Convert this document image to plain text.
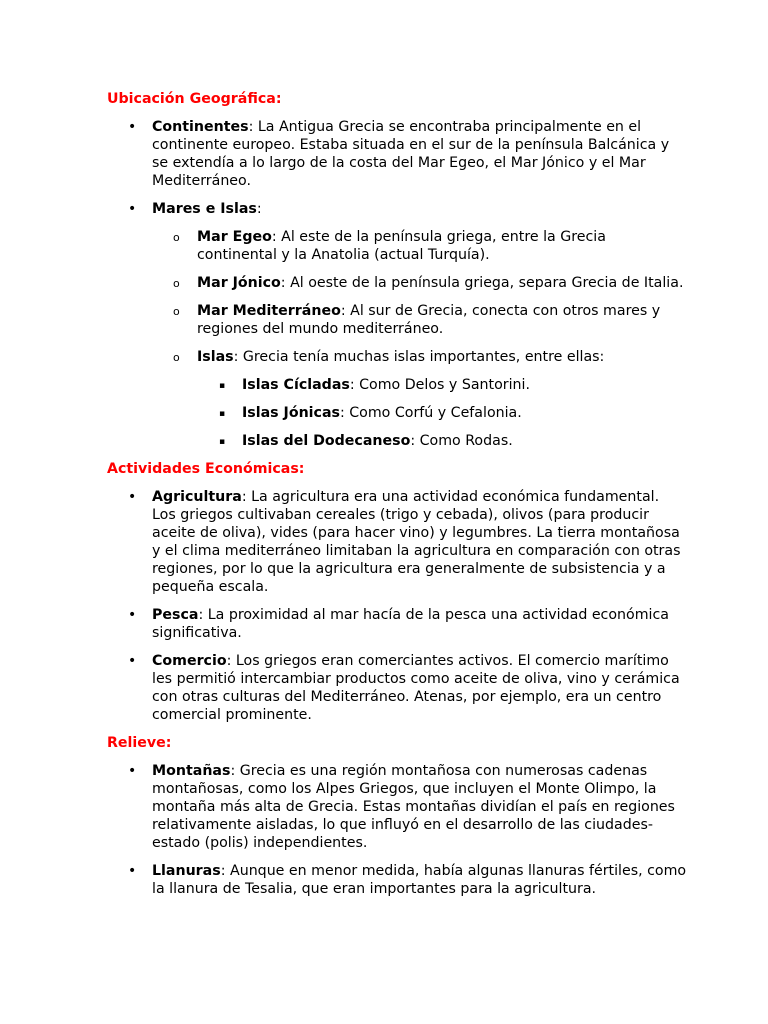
Ubicación Geográfica:
• Continentes: La Antigua Grecia se encontraba principalmente en el continente europeo. Estaba situada en el sur de la península Balcánica y se extendía a lo largo de la costa del Mar Egeo, el Mar Jónico y el Mar Mediterráneo.
• Mares e Islas:
o Mar Egeo: Al este de la península griega, entre la Grecia continental y la Anatolia (actual Turquía).
o Mar Jónico: Al oeste de la península griega, separa Grecia de Italia.
o Mar Mediterráneo: Al sur de Grecia, conecta con otros mares y regiones del mundo mediterráneo.
o Islas: Grecia tenía muchas islas importantes, entre ellas:
▪ Islas Cícladas: Como Delos y Santorini.
▪ Islas Jónicas: Como Corfú y Cefalonia.
▪ Islas del Dodecaneso: Como Rodas.
Actividades Económicas:
• Agricultura: La agricultura era una actividad económica fundamental. Los griegos cultivaban cereales (trigo y cebada), olivos (para producir aceite de oliva), vides (para hacer vino) y legumbres. La tierra montañosa y el clima mediterráneo limitaban la agricultura en comparación con otras regiones, por lo que la agricultura era generalmente de subsistencia y a pequeña escala.
• Pesca: La proximidad al mar hacía de la pesca una actividad económica significativa.
• Comercio: Los griegos eran comerciantes activos. El comercio marítimo les permitió intercambiar productos como aceite de oliva, vino y cerámica con otras culturas del Mediterráneo. Atenas, por ejemplo, era un centro comercial prominente.
Relieve:
• Montañas: Grecia es una región montañosa con numerosas cadenas montañosas, como los Alpes Griegos, que incluyen el Monte Olimpo, la montaña más alta de Grecia. Estas montañas dividían el país en regiones relativamente aisladas, lo que influyó en el desarrollo de las ciudades-estado (polis) independientes.
• Llanuras: Aunque en menor medida, había algunas llanuras fértiles, como la llanura de Tesalia, que eran importantes para la agricultura.
